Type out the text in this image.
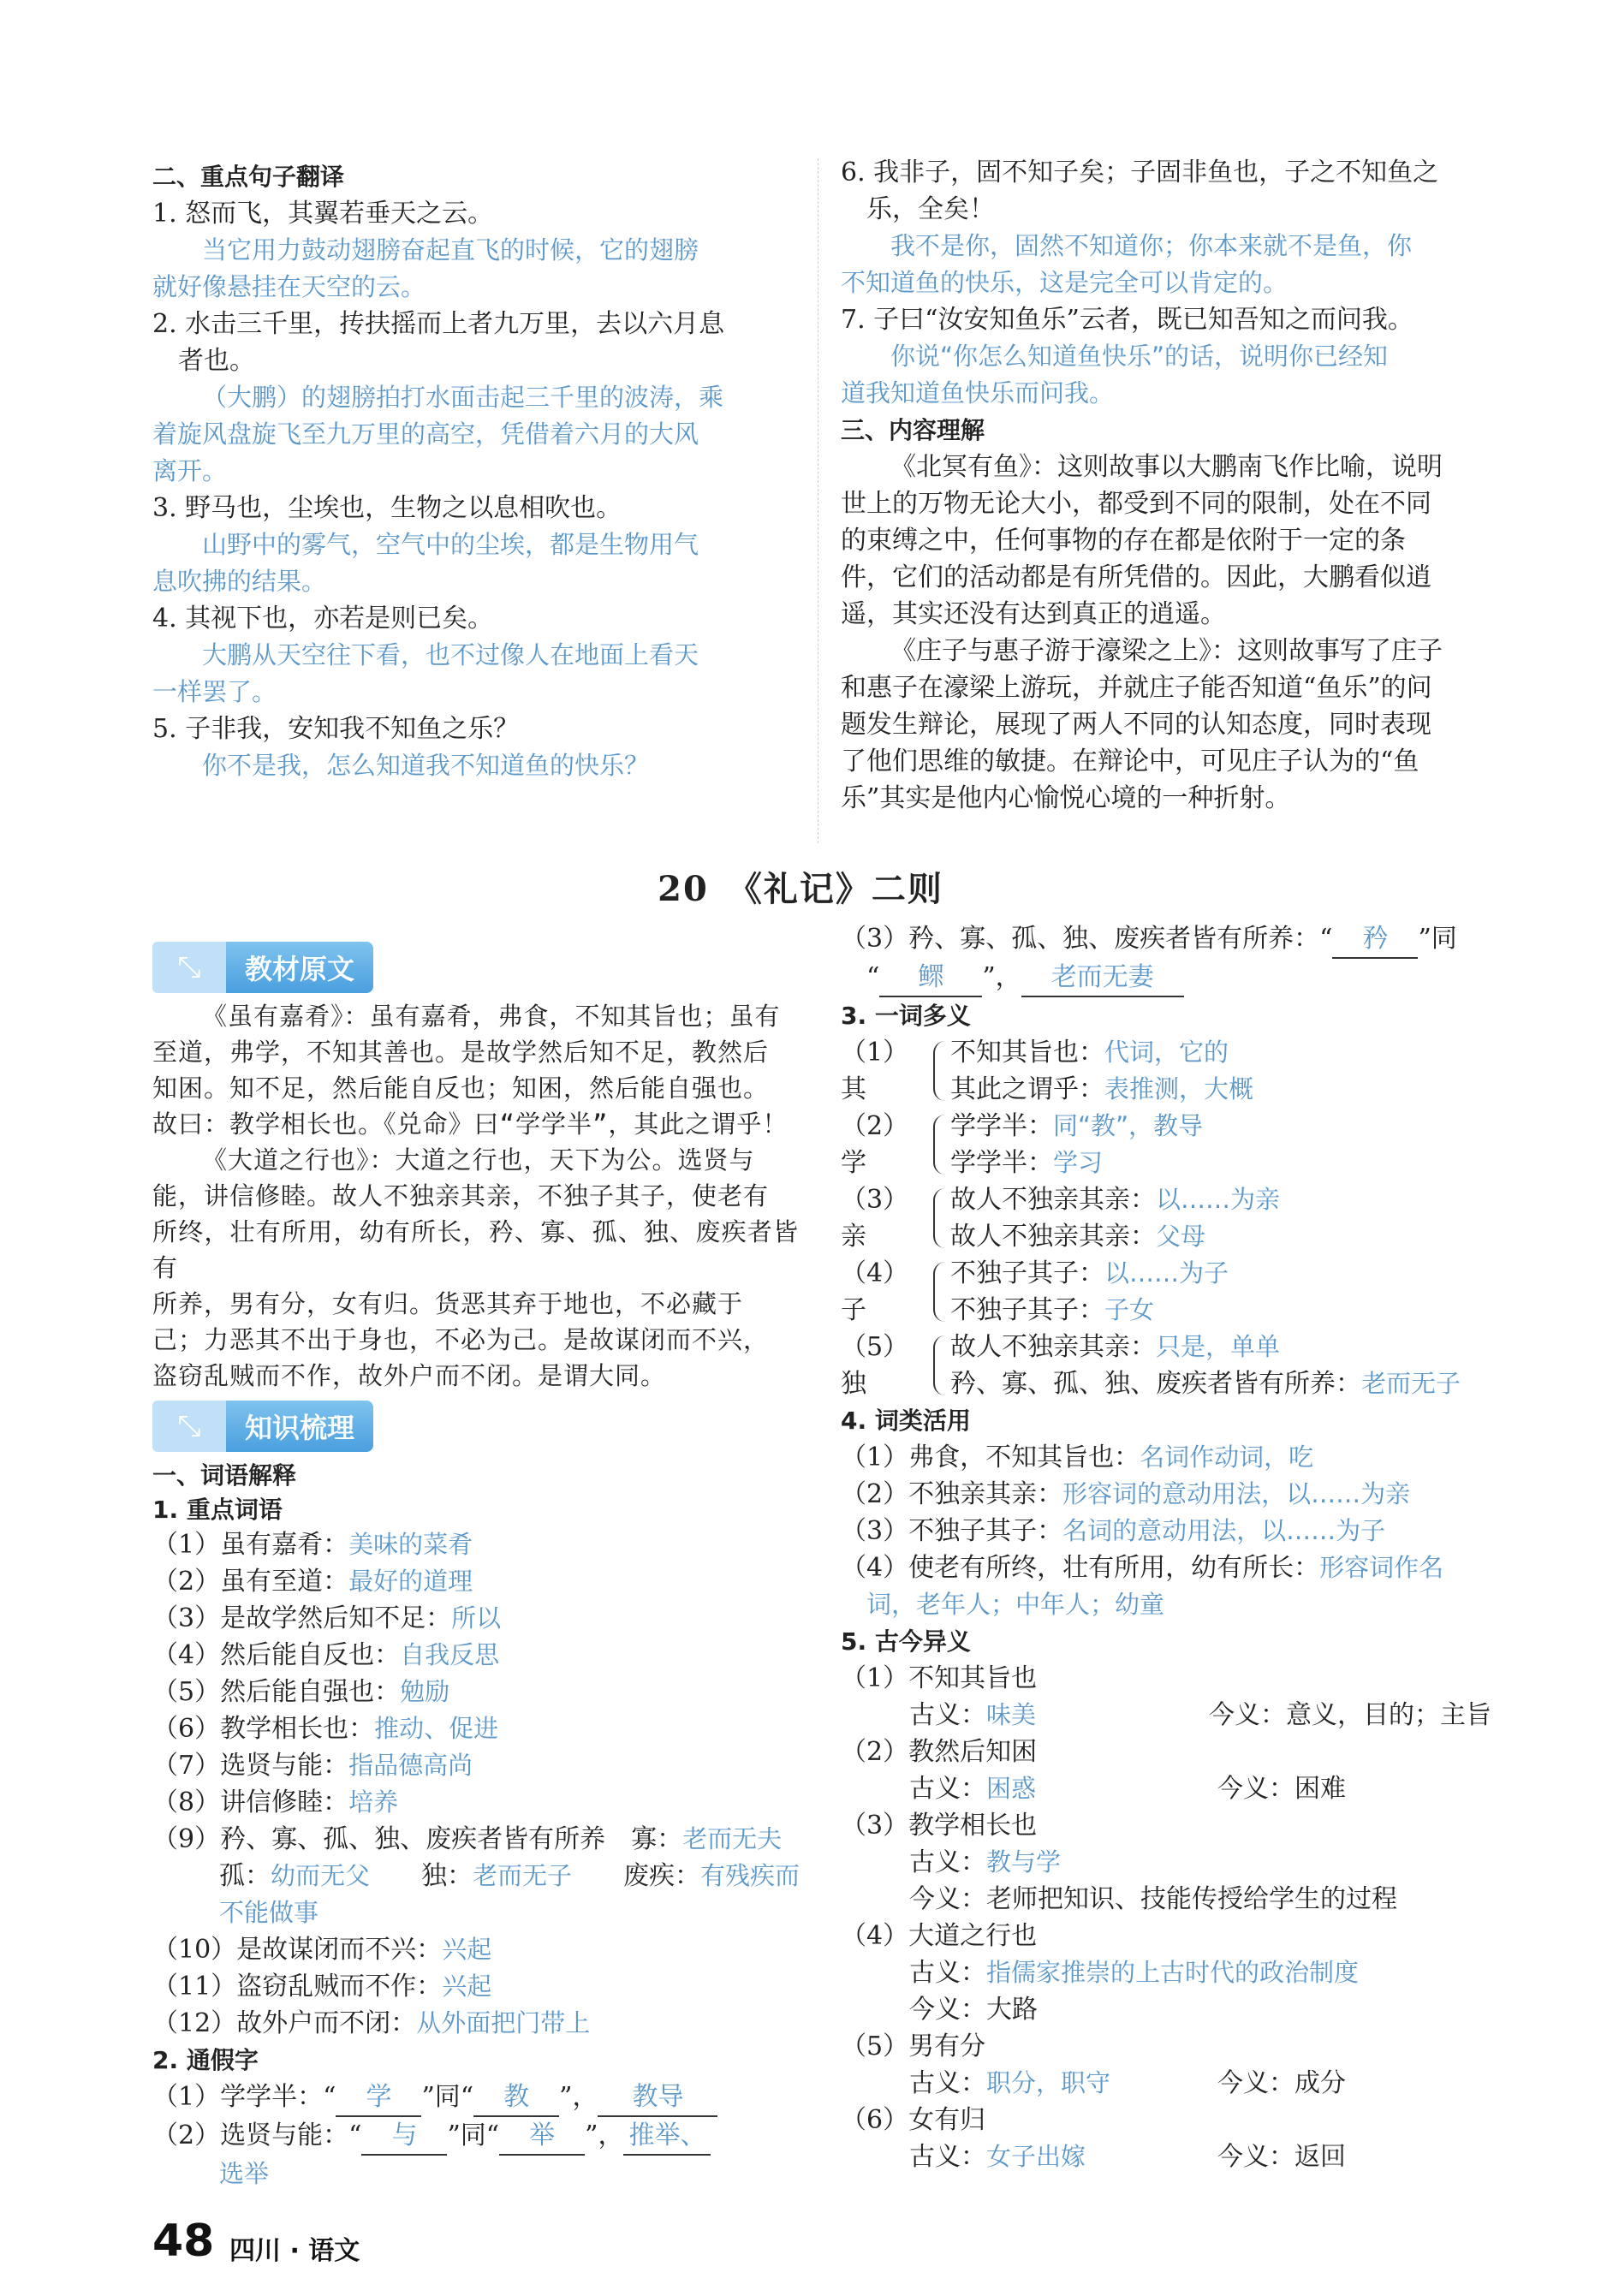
二、重点句子翻译
1. 怒而飞，其翼若垂天之云。
当它用力鼓动翅膀奋起直飞的时候，它的翅膀
就好像悬挂在天空的云。
2. 水击三千里，抟扶摇而上者九万里，去以六月息
者也。
（大鹏）的翅膀拍打水面击起三千里的波涛，乘
着旋风盘旋飞至九万里的高空，凭借着六月的大风
离开。
3. 野马也，尘埃也，生物之以息相吹也。
山野中的雾气，空气中的尘埃，都是生物用气
息吹拂的结果。
4. 其视下也，亦若是则已矣。
大鹏从天空往下看，也不过像人在地面上看天
一样罢了。
5. 子非我，安知我不知鱼之乐？
你不是我，怎么知道我不知道鱼的快乐？
6. 我非子，固不知子矣；子固非鱼也，子之不知鱼之
乐，全矣！
我不是你，固然不知道你；你本来就不是鱼，你
不知道鱼的快乐，这是完全可以肯定的。
7. 子曰“汝安知鱼乐”云者，既已知吾知之而问我。
你说“你怎么知道鱼快乐”的话，说明你已经知
道我知道鱼快乐而问我。
三、内容理解
《北冥有鱼》：这则故事以大鹏南飞作比喻，说明
世上的万物无论大小，都受到不同的限制，处在不同
的束缚之中，任何事物的存在都是依附于一定的条
件，它们的活动都是有所凭借的。因此，大鹏看似逍
遥，其实还没有达到真正的逍遥。
《庄子与惠子游于濠梁之上》：这则故事写了庄子
和惠子在濠梁上游玩，并就庄子能否知道“鱼乐”的问
题发生辩论，展现了两人不同的认知态度，同时表现
了他们思维的敏捷。在辩论中，可见庄子认为的“鱼
乐”其实是他内心愉悦心境的一种折射。
20　《礼记》二则
⤡	教材原文
《虽有嘉肴》：虽有嘉肴，弗食，不知其旨也；虽有
至道，弗学，不知其善也。是故学然后知不足，教然后
知困。知不足，然后能自反也；知困，然后能自强也。
故曰：教学相长也。《兑命》曰“学学半”，其此之谓乎！
《大道之行也》：大道之行也，天下为公。选贤与
能，讲信修睦。故人不独亲其亲，不独子其子，使老有
所终，壮有所用，幼有所长，矜、寡、孤、独、废疾者皆有
所养，男有分，女有归。货恶其弃于地也，不必藏于
己；力恶其不出于身也，不必为己。是故谋闭而不兴，
盗窃乱贼而不作，故外户而不闭。是谓大同。
⤡	知识梳理
一、词语解释
1. 重点词语
（1）虽有嘉肴：美味的菜肴
（2）虽有至道：最好的道理
（3）是故学然后知不足：所以
（4）然后能自反也：自我反思
（5）然后能自强也：勉励
（6）教学相长也：推动、促进
（7）选贤与能：指品德高尚
（8）讲信修睦：培养
（9）矜、寡、孤、独、废疾者皆有所养　寡：老而无夫
孤：幼而无父　　 独：老而无子　　 废疾：有残疾而
不能做事
（10）是故谋闭而不兴：兴起
（11）盗窃乱贼而不作：兴起
（12）故外户而不闭：从外面把门带上
2. 通假字
（1）学学半：“ 学 ”同“ 教 ”， 教导
（2）选贤与能：“ 与 ”同“ 举 ”， 推举、
选举
（3）矜、寡、孤、独、废疾者皆有所养：“ 矜 ”同
“ 鳏 ”， 老而无妻
3. 一词多义
（1）其
不知其旨也：代词，它的
其此之谓乎：表推测，大概
（2）学
学学半：同“教”，教导
学学半：学习
（3）亲
故人不独亲其亲：以……为亲
故人不独亲其亲：父母
（4）子
不独子其子：以……为子
不独子其子：子女
（5）独
故人不独亲其亲：只是，单单
矜、寡、孤、独、废疾者皆有所养：老而无子
4. 词类活用
（1）弗食，不知其旨也：名词作动词，吃
（2）不独亲其亲：形容词的意动用法，以……为亲
（3）不独子其子：名词的意动用法，以……为子
（4）使老有所终，壮有所用，幼有所长：形容词作名
词，老年人；中年人；幼童
5. 古今异义
（1）不知其旨也
古义：味美	今义：意义，目的；主旨
（2）教然后知困
古义：困惑	今义：困难
（3）教学相长也
古义：教与学
今义：老师把知识、技能传授给学生的过程
（4）大道之行也
古义：指儒家推崇的上古时代的政治制度
今义：大路
（5）男有分
古义：职分，职守	今义：成分
（6）女有归
古义：女子出嫁	今义：返回
48 四川 · 语文
